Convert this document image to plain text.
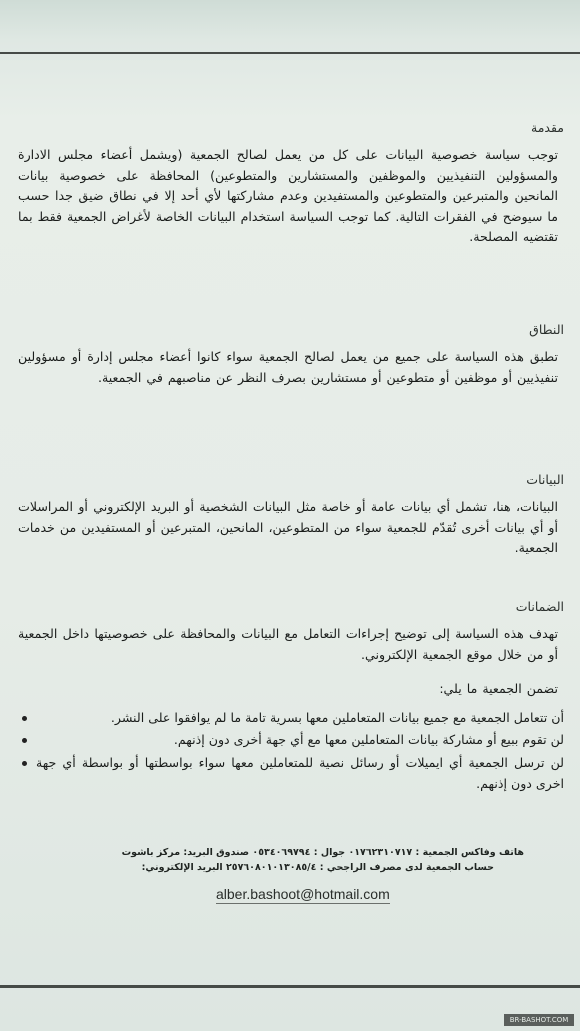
مقدمة

توجب سياسة خصوصية البيانات على كل من يعمل لصالح الجمعية (ويشمل أعضاء مجلس الادارة والمسؤولين التنفيذيين والموظفين والمستشارين والمتطوعين) المحافظة على خصوصية بيانات المانحين والمتبرعين والمتطوعين والمستفيدين وعدم مشاركتها لأي أحد إلا في نطاق ضيق جدا حسب ما سيوضح في الفقرات التالية. كما توجب السياسة استخدام البيانات الخاصة لأغراض الجمعية فقط بما تقتضيه المصلحة.

النطاق

تطبق هذه السياسة على جميع من يعمل لصالح الجمعية سواء كانوا أعضاء مجلس إدارة أو مسؤولين تنفيذيين أو موظفين أو متطوعين أو مستشارين بصرف النظر عن مناصبهم في الجمعية.

البيانات

البيانات، هنا، تشمل أي بيانات عامة أو خاصة مثل البيانات الشخصية أو البريد الإلكتروني أو المراسلات أو أي بيانات أخرى تُقدّم للجمعية سواء من المتطوعين، المانحين، المتبرعين أو المستفيدين من خدمات الجمعية.

الضمانات

تهدف هذه السياسة إلى توضيح إجراءات التعامل مع البيانات والمحافظة على خصوصيتها داخل الجمعية أو من خلال موقع الجمعية الإلكتروني.

تضمن الجمعية ما يلي:

أن تتعامل الجمعية مع جميع بيانات المتعاملين معها بسرية تامة ما لم يوافقوا على النشر.
لن تقوم ببيع أو مشاركة بيانات المتعاملين معها مع أي جهة أخرى دون إذنهم.
لن ترسل الجمعية أي ايميلات أو رسائل نصية للمتعاملين معها سواء بواسطتها أو بواسطة أي جهة اخرى دون إذنهم.
هاتف وفاكس الجمعية : ٠١٧٦٢٣١٠٧١٧ جوال : ٠٥٣٤٠٦٩٧٩٤ صندوق البريد: مركز باشوت
حساب الجمعية لدى مصرف الراجحي : ٢٥٧٦٠٨٠١٠١٣٠٨٥/٤ البريد الإلكتروني:
alber.bashoot@hotmail.com
BR-BASHOT.COM
